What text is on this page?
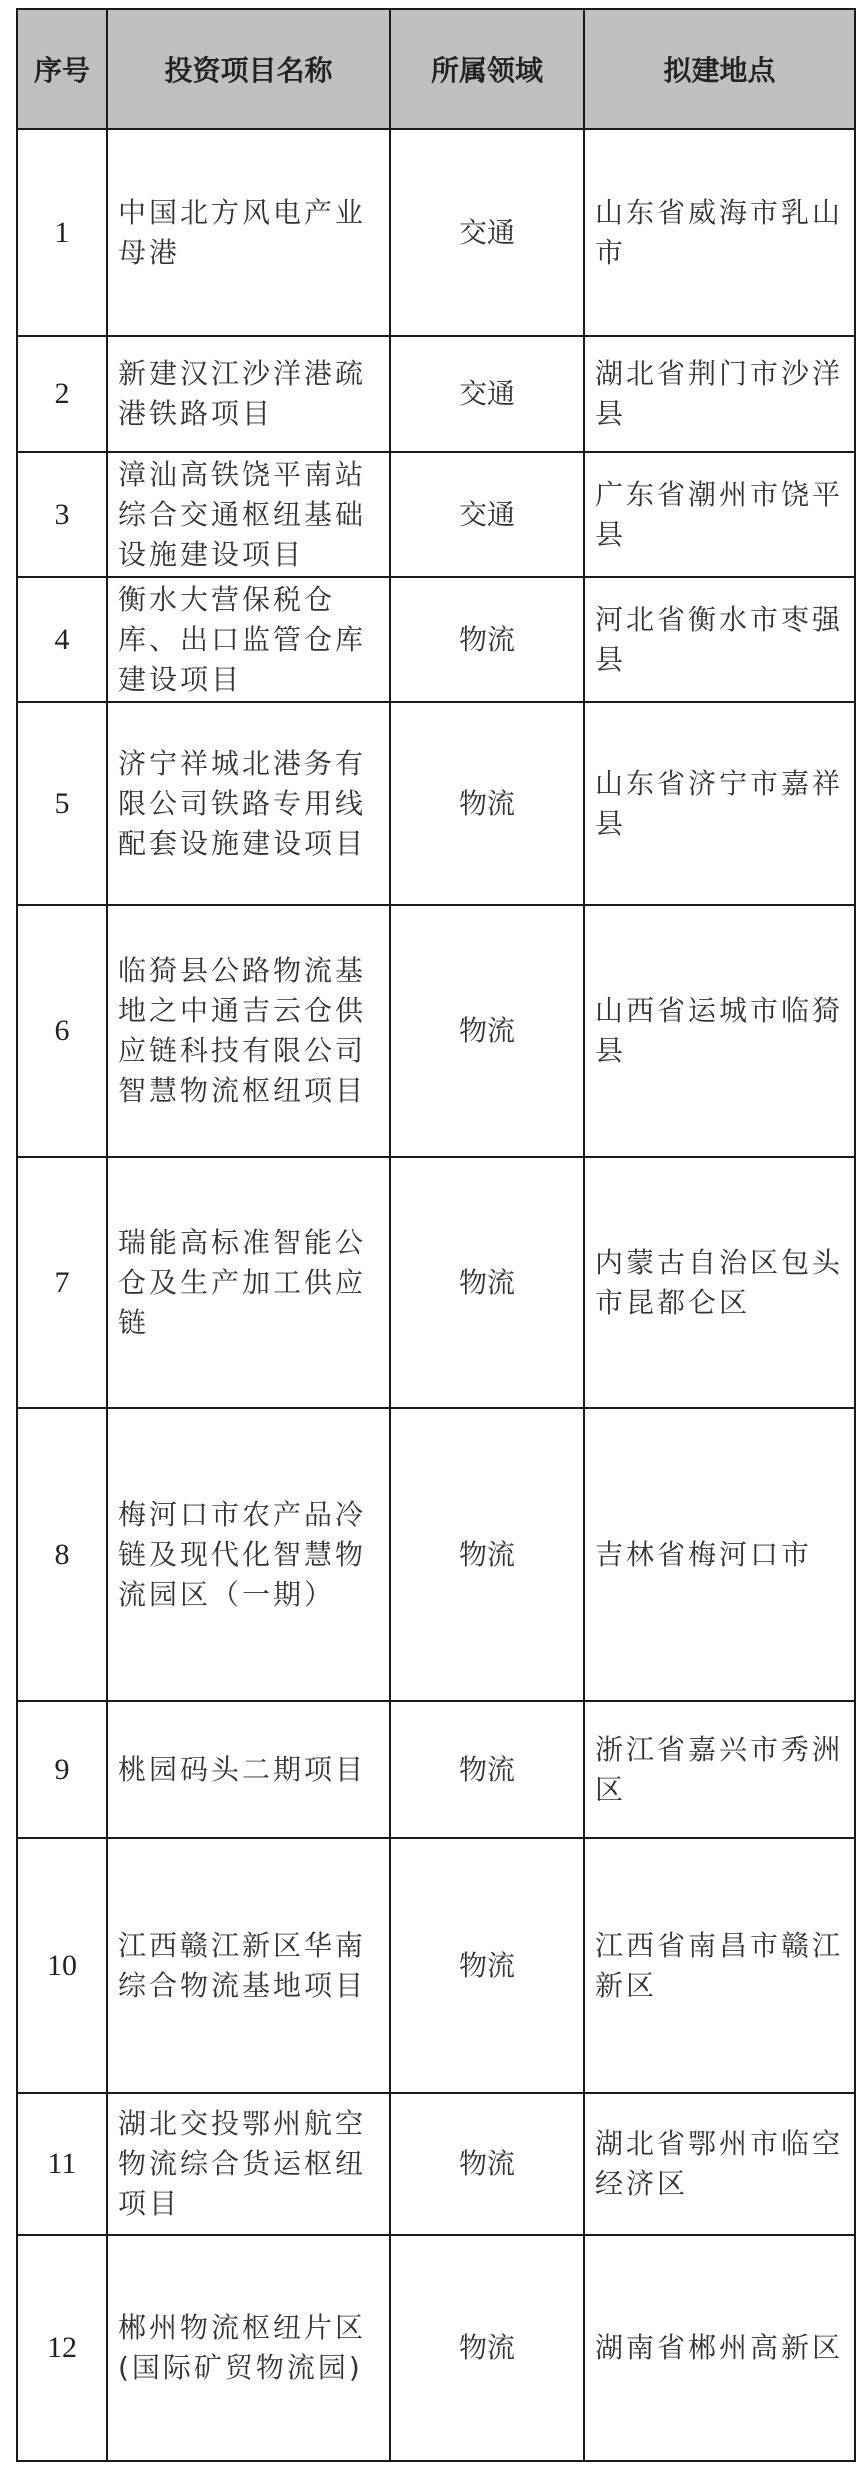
序号	投资项目名称	所属领域	拟建地点
1	中国北方风电产业母港	交通	山东省威海市乳山市
2	新建汉江沙洋港疏港铁路项目	交通	湖北省荆门市沙洋县
3	漳汕高铁饶平南站综合交通枢纽基础设施建设项目	交通	广东省潮州市饶平县
4	衡水大营保税仓库、出口监管仓库建设项目	物流	河北省衡水市枣强县
5	济宁祥城北港务有限公司铁路专用线配套设施建设项目	物流	山东省济宁市嘉祥县
6	临猗县公路物流基地之中通吉云仓供应链科技有限公司智慧物流枢纽项目	物流	山西省运城市临猗县
7	瑞能高标准智能公仓及生产加工供应链	物流	内蒙古自治区包头市昆都仑区
8	梅河口市农产品冷链及现代化智慧物流园区（一期）	物流	吉林省梅河口市
9	桃园码头二期项目	物流	浙江省嘉兴市秀洲区
10	江西赣江新区华南综合物流基地项目	物流	江西省南昌市赣江新区
11	湖北交投鄂州航空物流综合货运枢纽项目	物流	湖北省鄂州市临空经济区
12	郴州物流枢纽片区(国际矿贸物流园)	物流	湖南省郴州高新区
